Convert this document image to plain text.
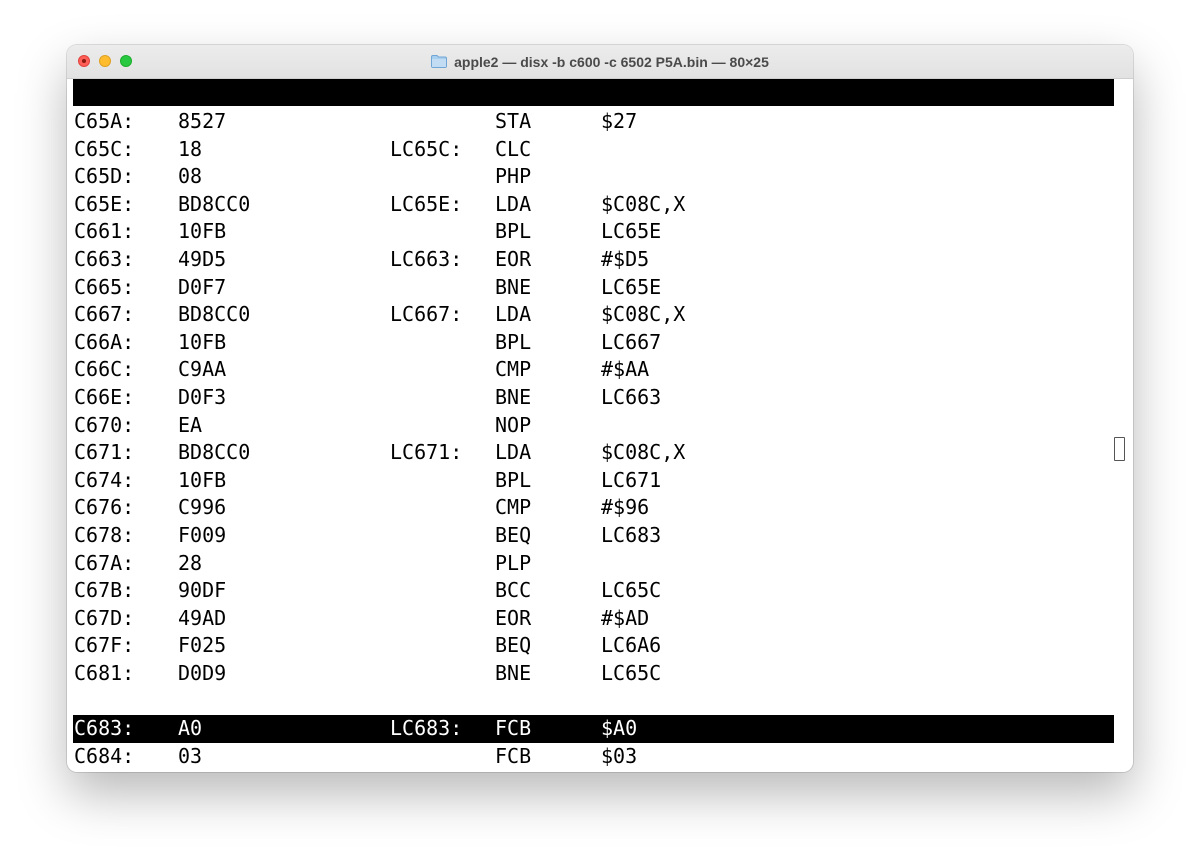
apple2 — disx -b c600 -c 6502 P5A.bin — 80×25
C65A: 8527	STA	$27
C65C: 18	LC65C: CLC
C65D: 08	PHP
C65E: BD8CC0	LC65E: LDA	$C08C,X
C661: 10FB	BPL	LC65E
C663: 49D5	LC663: EOR	#$D5
C665: D0F7	BNE	LC65E
C667: BD8CC0	LC667: LDA	$C08C,X
C66A: 10FB	BPL	LC667
C66C: C9AA	CMP	#$AA
C66E: D0F3	BNE	LC663
C670: EA	NOP
C671: BD8CC0	LC671: LDA	$C08C,X
C674: 10FB	BPL	LC671
C676: C996	CMP	#$96
C678: F009	BEQ	LC683
C67A: 28	PLP
C67B: 90DF	BCC	LC65C
C67D: 49AD	EOR	#$AD
C67F: F025	BEQ	LC6A6
C681: D0D9	BNE	LC65C
C683: A0	LC683: FCB	$A0
C684: 03	FCB	$03
